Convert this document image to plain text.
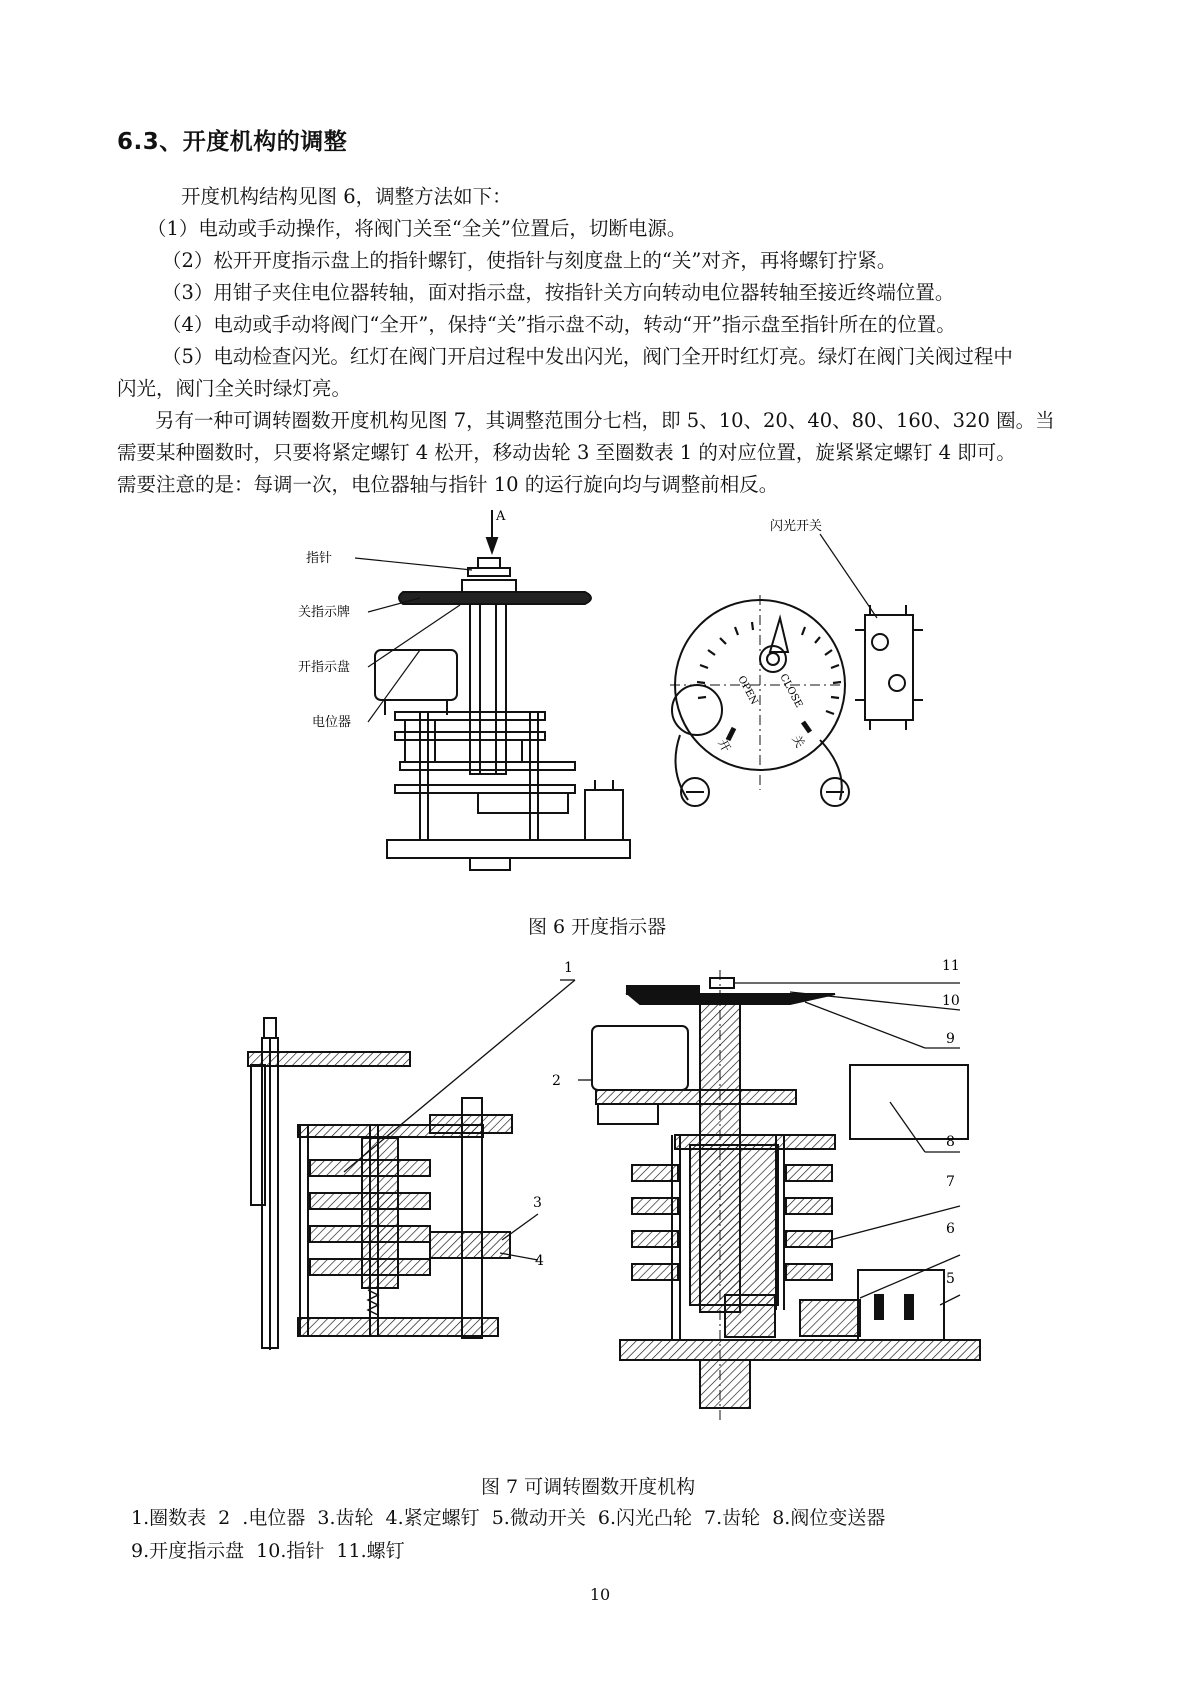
6.3、开度机构的调整
开度机构结构见图 6，调整方法如下：
（1）电动或手动操作，将阀门关至“全关”位置后，切断电源。
（2）松开开度指示盘上的指针螺钉，使指针与刻度盘上的“关”对齐，再将螺钉拧紧。
（3）用钳子夹住电位器转轴，面对指示盘，按指针关方向转动电位器转轴至接近终端位置。
（4）电动或手动将阀门“全开”，保持“关”指示盘不动，转动“开”指示盘至指针所在的位置。
（5）电动检查闪光。红灯在阀门开启过程中发出闪光，阀门全开时红灯亮。绿灯在阀门关阀过程中
闪光，阀门全关时绿灯亮。
另有一种可调转圈数开度机构见图 7，其调整范围分七档，即 5、10、20、40、80、160、320 圈。当
需要某种圈数时，只要将紧定螺钉 4 松开，移动齿轮 3 至圈数表 1 的对应位置，旋紧紧定螺钉 4 即可。
需要注意的是：每调一次，电位器轴与指针 10 的运行旋向均与调整前相反。
指针
关指示牌
开指示盘
电位器
A
闪光开关
OPEN CLOSE
开	关
图 6 开度指示器
1
2
3
4
5
6
7
8
9
10
11
图 7 可调转圈数开度机构
1.圈数表 2 .电位器 3.齿轮 4.紧定螺钉 5.微动开关 6.闪光凸轮 7.齿轮 8.阀位变送器
9.开度指示盘 10.指针 11.螺钉
10
